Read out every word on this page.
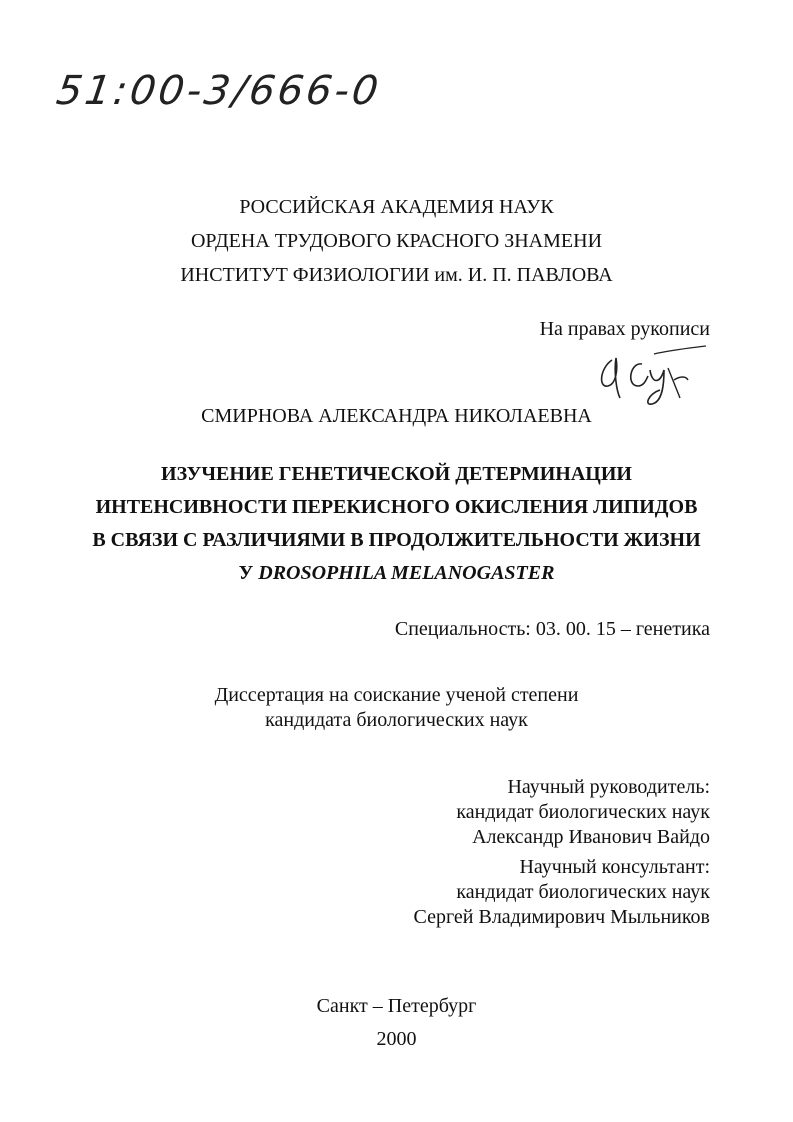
51:00-3/666-0
РОССИЙСКАЯ АКАДЕМИЯ НАУК
ОРДЕНА ТРУДОВОГО КРАСНОГО ЗНАМЕНИ
ИНСТИТУТ ФИЗИОЛОГИИ им. И. П. ПАВЛОВА
На правах рукописи
СМИРНОВА АЛЕКСАНДРА НИКОЛАЕВНА
ИЗУЧЕНИЕ ГЕНЕТИЧЕСКОЙ ДЕТЕРМИНАЦИИ
ИНТЕНСИВНОСТИ ПЕРЕКИСНОГО ОКИСЛЕНИЯ ЛИПИДОВ
В СВЯЗИ С РАЗЛИЧИЯМИ В ПРОДОЛЖИТЕЛЬНОСТИ ЖИЗНИ
У DROSOPHILA MELANOGASTER
Специальность: 03. 00. 15 – генетика
Диссертация на соискание ученой степени
кандидата биологических наук
Научный руководитель:
кандидат биологических наук
Александр Иванович Вайдо
Научный консультант:
кандидат биологических наук
Сергей Владимирович Мыльников
Санкт – Петербург
2000
